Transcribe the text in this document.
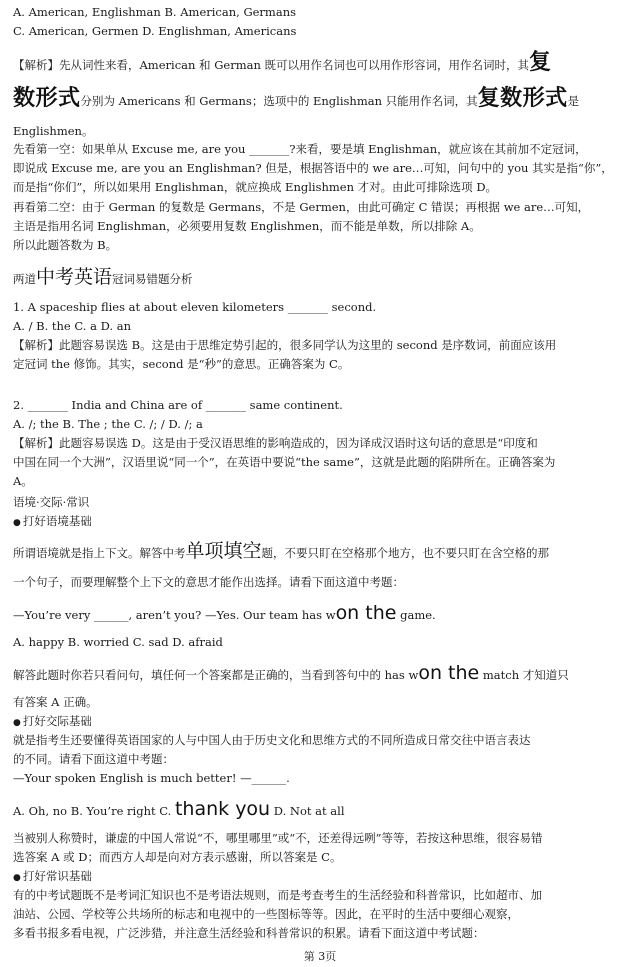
A. American, Englishman B. American, Germans
C. American, Germen D. Englishman, Americans
【解析】先从词性来看，American 和 German 既可以用作名词也可以用作形容词，用作名词时，其复
数形式分别为 Americans 和 Germans；选项中的 Englishman 只能用作名词，其复数形式是
Englishmen。
先看第一空：如果单从 Excuse me, are you _______?来看，要是填 Englishman，就应该在其前加不定冠词，
即说成 Excuse me, are you an Englishman? 但是，根据答语中的 we are…可知，问句中的 you 其实是指“你”，
而是指“你们”，所以如果用 Englishman，就应换成 Englishmen 才对。由此可排除选项 D。
再看第二空：由于 German 的复数是 Germans，不是 Germen，由此可确定 C 错误；再根据 we are…可知，
主语是指用名词 Englishman，必须要用复数 Englishmen，而不能是单数，所以排除 A。
所以此题答数为 B。
两道中考英语冠词易错题分析
1. A spaceship flies at about eleven kilometers _______ second.
A. / B. the C. a D. an
【解析】此题容易误选 B。这是由于思维定势引起的，很多同学认为这里的 second 是序数词，前面应该用
定冠词 the 修饰。其实，second 是“秒”的意思。正确答案为 C。
2. _______ India and China are of _______ same continent.
A. /; the B. The ; the C. /; / D. /; a
【解析】此题容易误选 D。这是由于受汉语思维的影响造成的，因为译成汉语时这句话的意思是“印度和
中国在同一个大洲”，汉语里说“同一个”，在英语中要说“the same”，这就是此题的陷阱所在。正确答案为
A。
语境·交际·常识
● 打好语境基础
所谓语境就是指上下文。解答中考单项填空题，不要只盯在空格那个地方，也不要只盯在含空格的那
一个句子，而要理解整个上下文的意思才能作出选择。请看下面这道中考题：
—You’re very ______, aren’t you? —Yes. Our team has won the game.
A. happy B. worried C. sad D. afraid
解答此题时你若只看问句，填任何一个答案都是正确的，当看到答句中的 has won the match 才知道只
有答案 A 正确。
● 打好交际基础
就是指考生还要懂得英语国家的人与中国人由于历史文化和思维方式的不同所造成日常交往中语言表达
的不同。请看下面这道中考题：
—Your spoken English is much better! —______.
A. Oh, no B. You’re right C. thank you D. Not at all
当被别人称赞时，谦虚的中国人常说“不，哪里哪里”或“不，还差得远咧”等等，若按这种思维，很容易错
选答案 A 或 D；而西方人却是向对方表示感谢，所以答案是 C。
● 打好常识基础
有的中考试题既不是考词汇知识也不是考语法规则，而是考查考生的生活经验和科普常识，比如超市、加
油站、公园、学校等公共场所的标志和电视中的一些图标等等。因此，在平时的生活中要细心观察，
多看书报多看电视，广泛涉猎，并注意生活经验和科普常识的积累。请看下面这道中考试题：
第 3页
